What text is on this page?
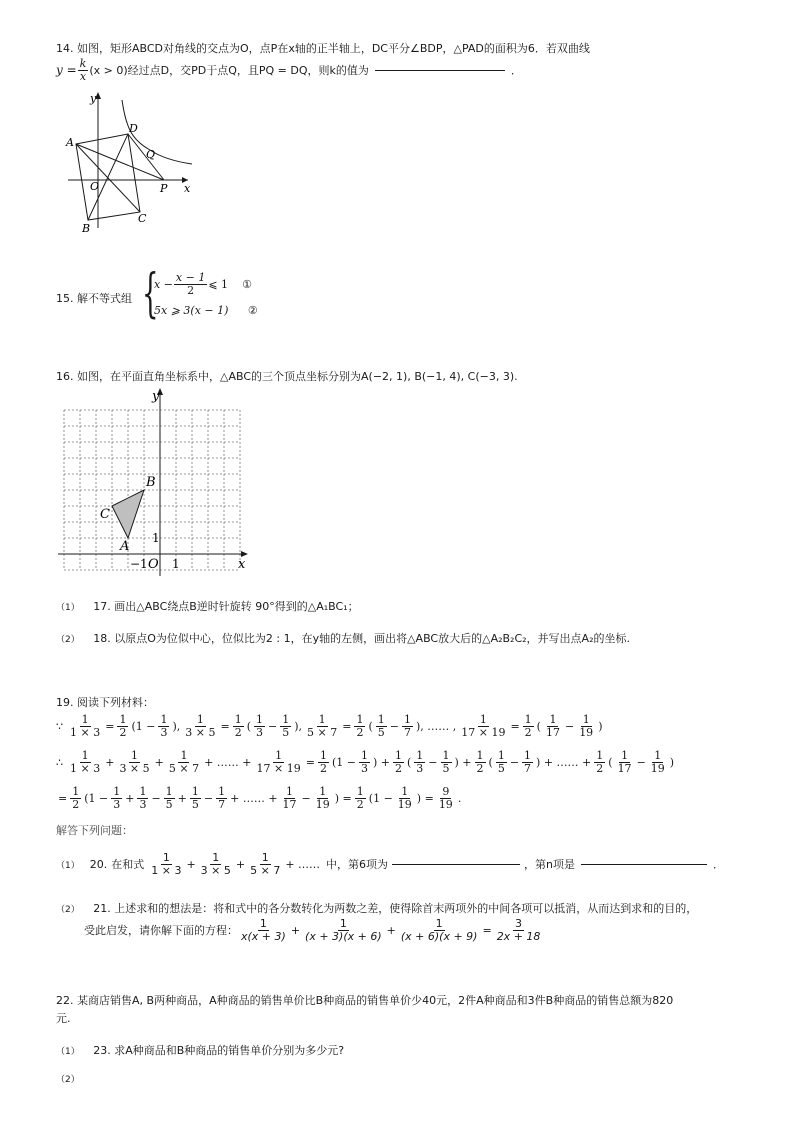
14. 如图，矩形ABCD对角线的交点为O，点P在x轴的正半轴上，DC平分∠BDP，△PAD的面积为6．若双曲线
$y = \frac{k}{x} (x > 0)$经过点D，交PD于点Q，且PQ = DQ，则k的值为	．
y
x
A
D
Q
O	P
B
C
15. 解不等式组 {
$x - \frac{x - 1}{2}$ ⩽ 1 ①
5x ⩾ 3(x − 1) ②
16. 如图，在平面直角坐标系中，△ABC的三个顶点坐标分别为A(−2, 1), B(−1, 4), C(−3, 3).
y
x
A
B
C
O
−1 1
1
（1） 17. 画出△ABC绕点B逆时针旋转 90°得到的△A₁BC₁；
（2） 18. 以原点O为位似中心，位似比为2 : 1，在y轴的左侧，画出将△ABC放大后的△A₂B₂C₂，并写出点A₂的坐标.
19. 阅读下列材料：
∵ $\frac{1}{1 \times 3} = \frac{1}{2} (1 - \frac{1}{3}$ ), $\frac{1}{3 \times 5} = \frac{1}{2}$ ( $\frac{1}{3} - \frac{1}{5}$ ), $\frac{1}{5 \times 7} = \frac{1}{2}$ ( $\frac{1}{5} - \frac{1}{7}$ ), …… , $\frac{1}{17 \times 19} = \frac{1}{2}$ ( $\frac{1}{17} - \frac{1}{19}$ )
∴ $\frac{1}{1 \times 3} + \frac{1}{3 \times 5} + \frac{1}{5 \times 7}$ + …… + $\frac{1}{17 \times 19} = \frac{1}{2} (1 - \frac{1}{3}$ ) + $\frac{1}{2}$ ( $\frac{1}{3} - \frac{1}{5}$ ) + $\frac{1}{2}$ ( $\frac{1}{5} - \frac{1}{7}$ ) + …… + $\frac{1}{2}$ ( $\frac{1}{17} - \frac{1}{19}$ )
= $\frac{1}{2} (1 - \frac{1}{3} + \frac{1}{3} - \frac{1}{5} + \frac{1}{5} - \frac{1}{7}$ + …… + $\frac{1}{17} - \frac{1}{19}$ ) = $\frac{1}{2} (1 - \frac{1}{19}$ ) = $\frac{9}{19}$ .
解答下列问题：
（1） 20. 在和式 $\frac{1}{1 \times 3} + \frac{1}{3 \times 5} + \frac{1}{5 \times 7}$ + …… 中，第6项为	，第n项是	．
（2） 21. 上述求和的想法是：将和式中的各分数转化为两数之差，使得除首末两项外的中间各项可以抵消，从而达到求和的目的，
受此启发，请你解下面的方程： $\frac{1}{x(x + 3)} + \frac{1}{(x + 3)(x + 6)} + \frac{1}{(x + 6)(x + 9)} = \frac{3}{2x + 18}$
22. 某商店销售A, B两种商品，A种商品的销售单价比B种商品的销售单价少40元，2件A种商品和3件B种商品的销售总额为820
元.
（1） 23. 求A种商品和B种商品的销售单价分别为多少元?
（2）
